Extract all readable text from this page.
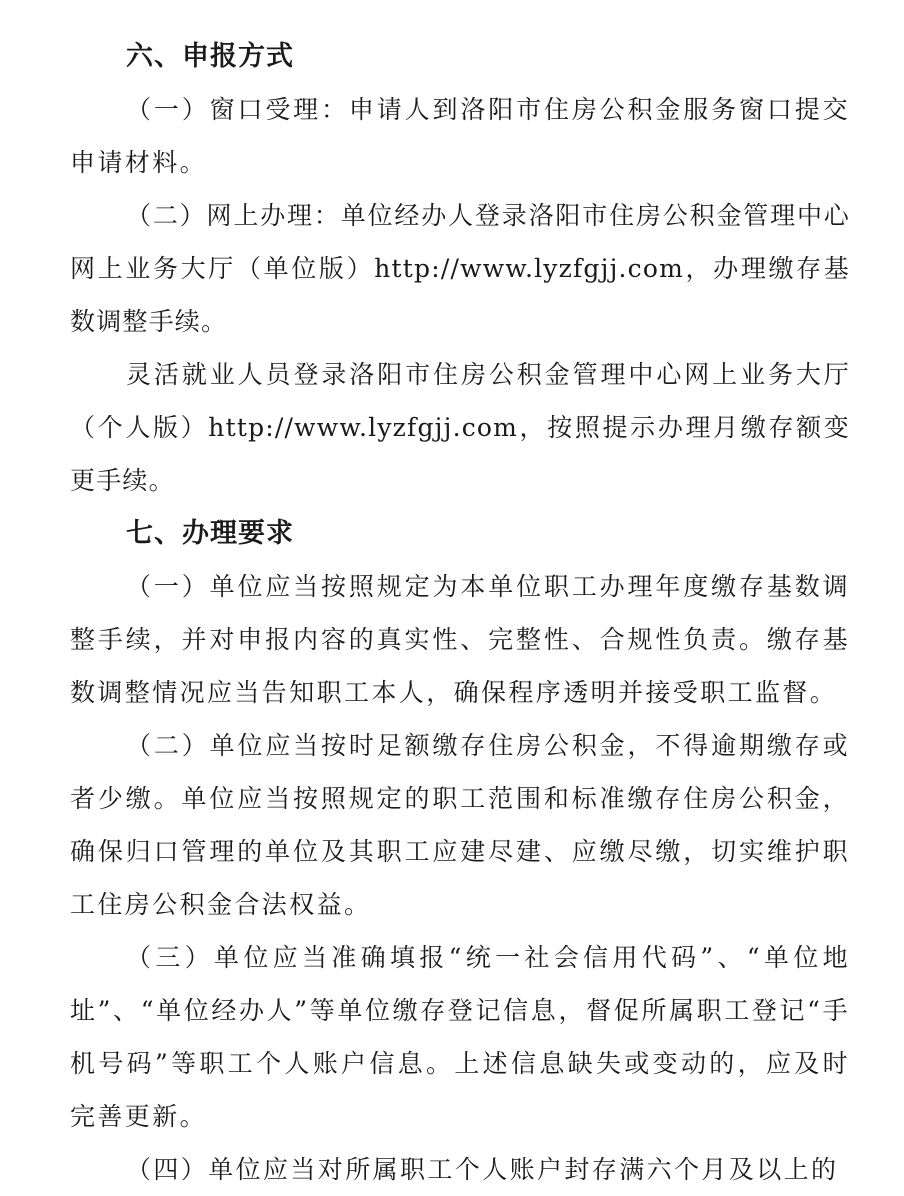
六、申报方式

（一）窗口受理：申请人到洛阳市住房公积金服务窗口提交申请材料。

（二）网上办理：单位经办人登录洛阳市住房公积金管理中心网上业务大厅（单位版）http://www.lyzfgjj.com，办理缴存基数调整手续。

灵活就业人员登录洛阳市住房公积金管理中心网上业务大厅（个人版）http://www.lyzfgjj.com，按照提示办理月缴存额变更手续。

七、办理要求

（一）单位应当按照规定为本单位职工办理年度缴存基数调整手续，并对申报内容的真实性、完整性、合规性负责。缴存基数调整情况应当告知职工本人，确保程序透明并接受职工监督。

（二）单位应当按时足额缴存住房公积金，不得逾期缴存或者少缴。单位应当按照规定的职工范围和标准缴存住房公积金，确保归口管理的单位及其职工应建尽建、应缴尽缴，切实维护职工住房公积金合法权益。

（三）单位应当准确填报“统一社会信用代码”、“单位地址”、“单位经办人”等单位缴存登记信息，督促所属职工登记“手机号码”等职工个人账户信息。上述信息缺失或变动的，应及时完善更新。

（四）单位应当对所属职工个人账户封存满六个月及以上的
